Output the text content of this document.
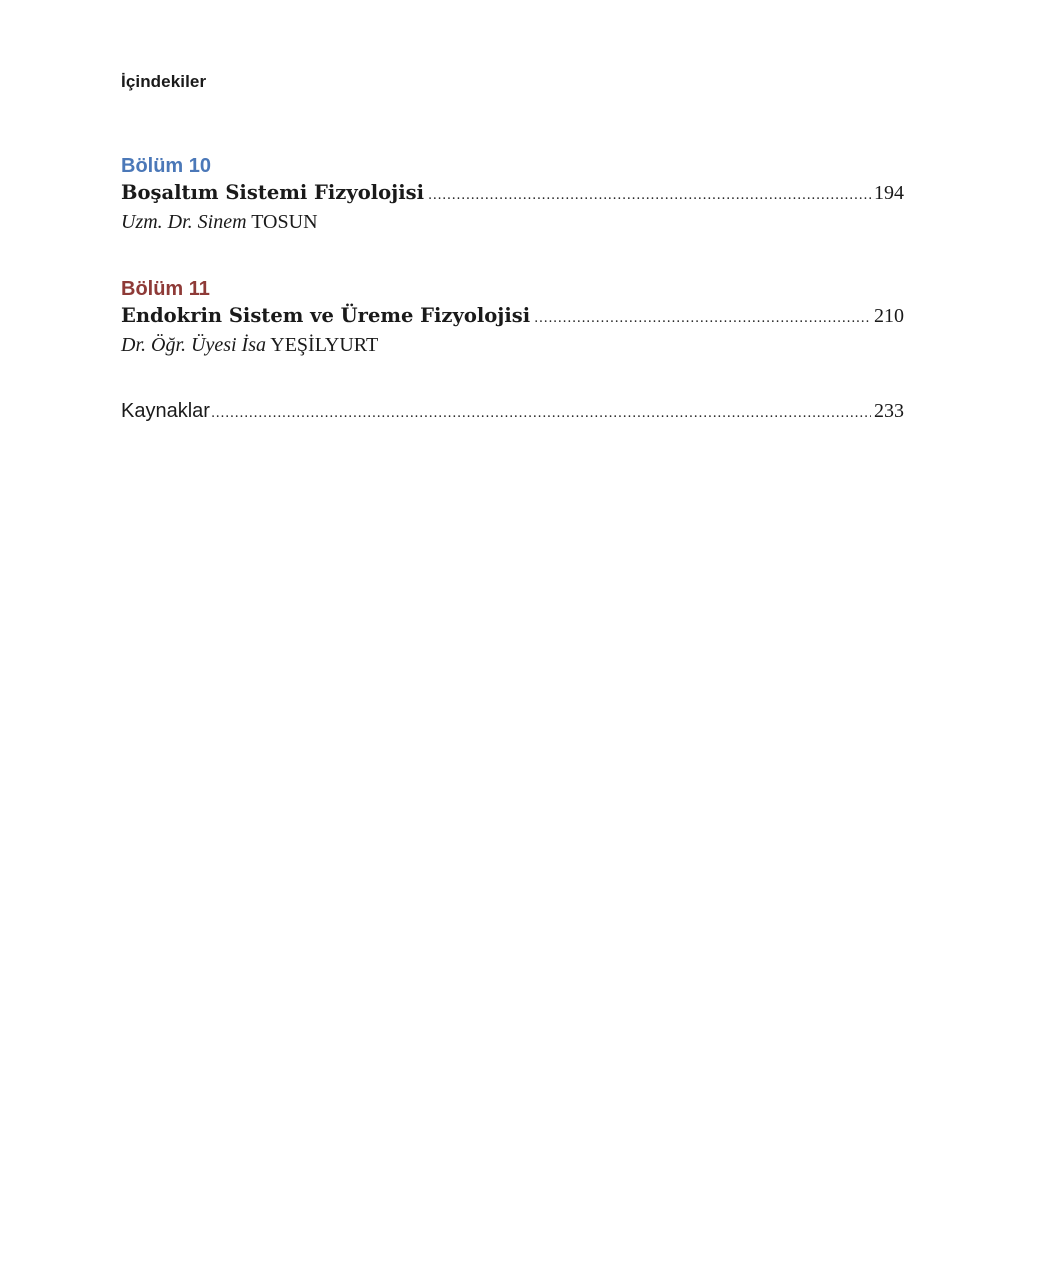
İçindekiler
Bölüm 10
Boşaltım Sistemi Fizyolojisi .....	194
Uzm. Dr. Sinem TOSUN
Bölüm 11
Endokrin Sistem ve Üreme Fizyolojisi .....	210
Dr. Öğr. Üyesi İsa YEŞİLYURT
Kaynaklar .....	233
